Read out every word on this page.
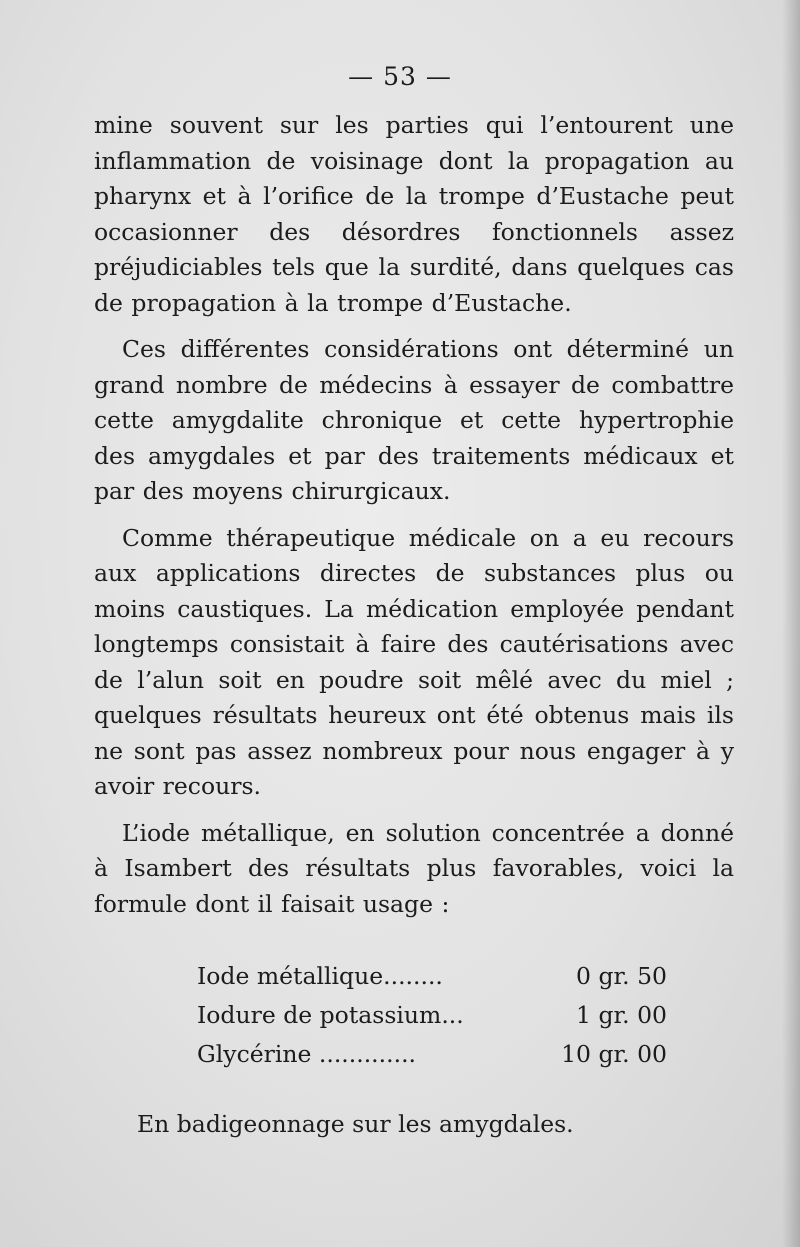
— 53 —

mine souvent sur les parties qui l’entourent une inflammation de voisinage dont la propagation au pharynx et à l’orifice de la trompe d’Eustache peut occasionner des désordres fonctionnels assez préjudiciables tels que la surdité, dans quelques cas de propagation à la trompe d’Eustache.

Ces différentes considérations ont déterminé un grand nombre de médecins à essayer de combattre cette amygdalite chronique et cette hypertrophie des amygdales et par des traitements médicaux et par des moyens chirurgicaux.

Comme thérapeutique médicale on a eu recours aux applications directes de substances plus ou moins caustiques. La médication employée pendant longtemps consistait à faire des cautérisations avec de l’alun soit en poudre soit mêlé avec du miel ; quelques résultats heureux ont été obtenus mais ils ne sont pas assez nombreux pour nous engager à y avoir recours.

L’iode métallique, en solution concentrée a donné à Isambert des résultats plus favorables, voici la formule dont il faisait usage :

Iode métallique........	0 gr. 50
Iodure de potassium...	1 gr. 00
Glycérine .............	10 gr. 00
En badigeonnage sur les amygdales.
